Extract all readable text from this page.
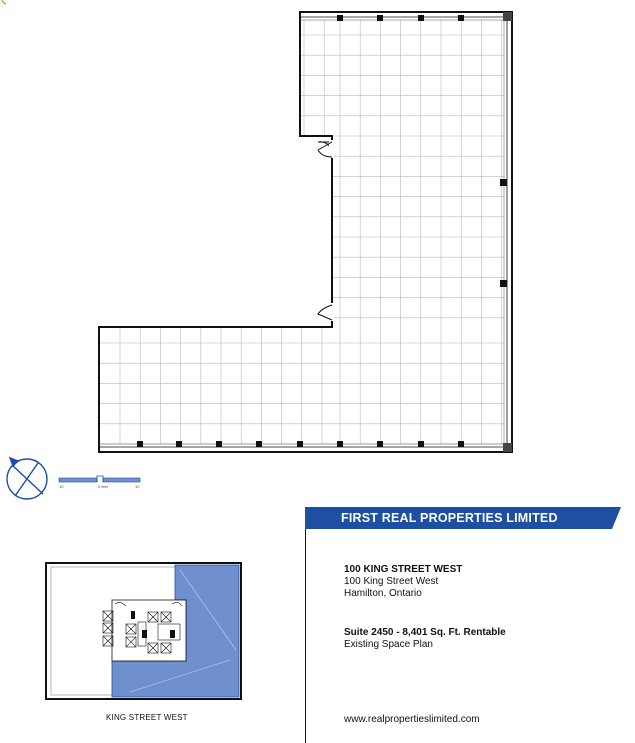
10	0 feet	10
FIRST REAL PROPERTIES LIMITED
100 KING STREET WEST
100 King Street West
Hamilton, Ontario
Suite 2450 - 8,401 Sq. Ft. Rentable
Existing Space Plan
www.realpropertieslimited.com
KING STREET WEST
